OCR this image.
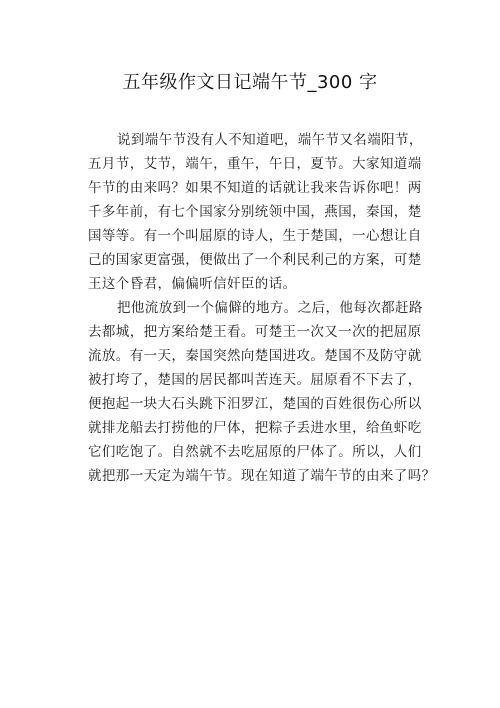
五年级作文日记端午节_300 字
说到端午节没有人不知道吧，端午节又名端阳节，
五月节，艾节，端午，重午，午日，夏节。大家知道端
午节的由来吗？如果不知道的话就让我来告诉你吧！两
千多年前，有七个国家分别统领中国，燕国，秦国，楚
国等等。有一个叫屈原的诗人，生于楚国，一心想让自
己的国家更富强，便做出了一个利民利己的方案，可楚
王这个昏君，偏偏听信奸臣的话。
把他流放到一个偏僻的地方。之后，他每次都赶路
去都城，把方案给楚王看。可楚王一次又一次的把屈原
流放。有一天，秦国突然向楚国进攻。楚国不及防守就
被打垮了，楚国的居民都叫苦连天。屈原看不下去了，
便抱起一块大石头跳下汨罗江，楚国的百姓很伤心所以
就排龙船去打捞他的尸体，把粽子丢进水里，给鱼虾吃
它们吃饱了。自然就不去吃屈原的尸体了。所以，人们
就把那一天定为端午节。现在知道了端午节的由来了吗？
